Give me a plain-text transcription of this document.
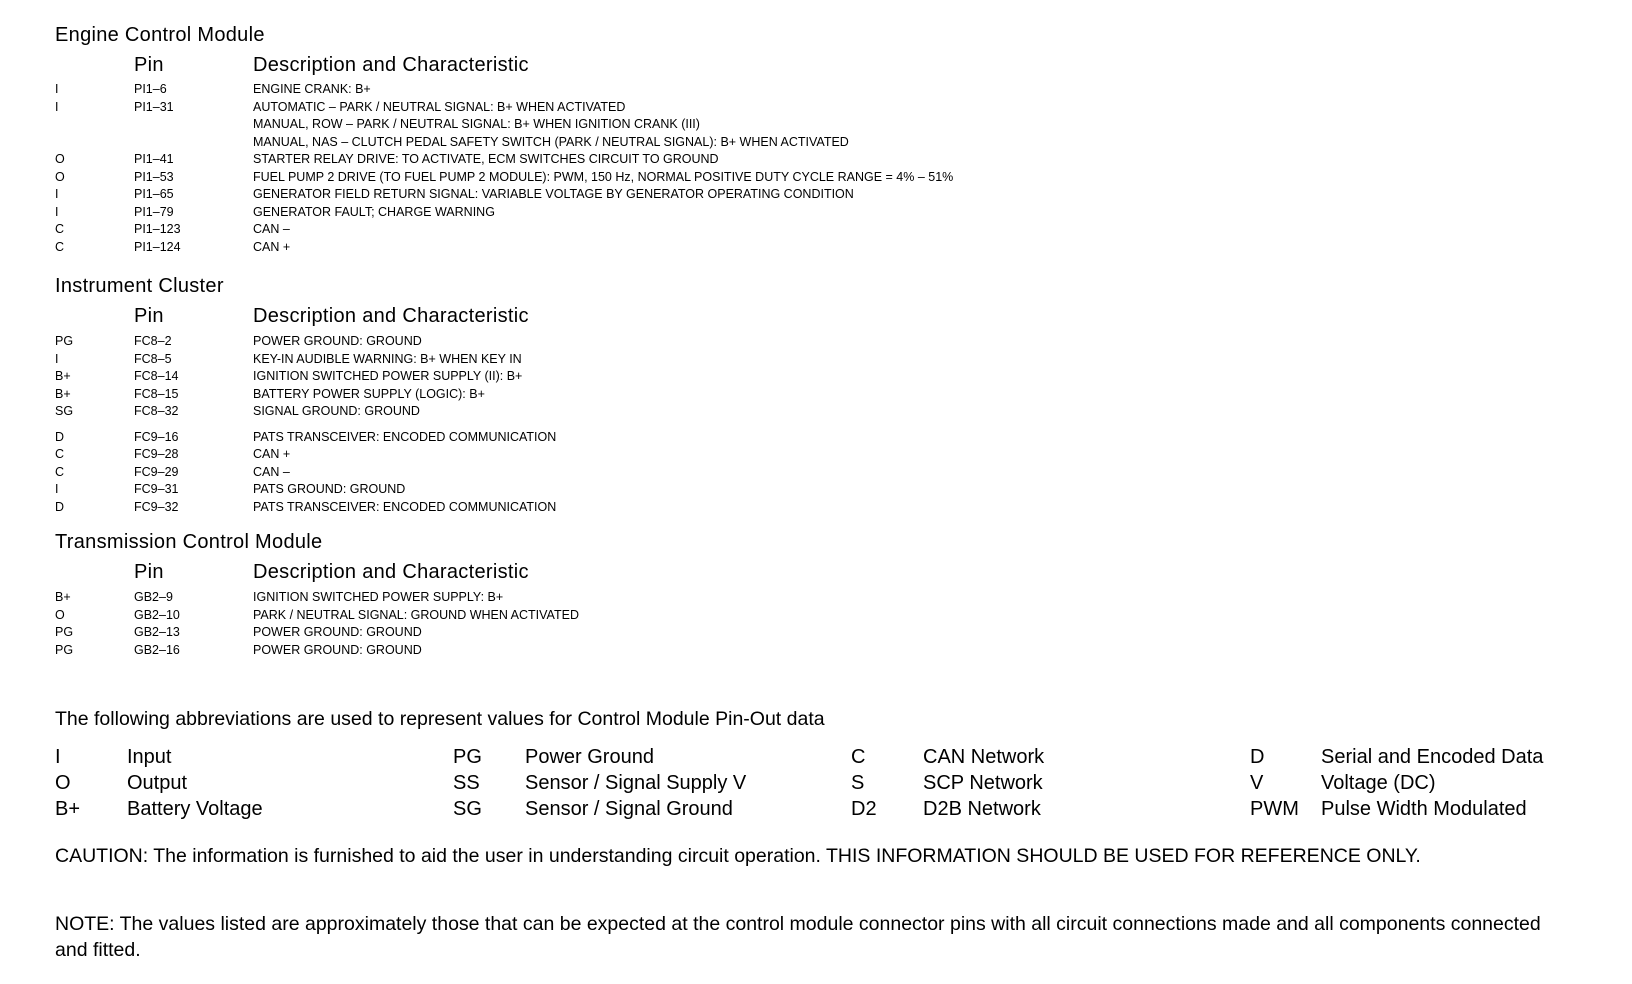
Engine Control Module
Pin	Description and Characteristic
I	PI1–6	ENGINE CRANK: B+
I	PI1–31	AUTOMATIC – PARK / NEUTRAL SIGNAL: B+ WHEN ACTIVATED
MANUAL, ROW – PARK / NEUTRAL SIGNAL: B+ WHEN IGNITION CRANK (III)
MANUAL, NAS – CLUTCH PEDAL SAFETY SWITCH (PARK / NEUTRAL SIGNAL): B+ WHEN ACTIVATED
O	PI1–41	STARTER RELAY DRIVE: TO ACTIVATE, ECM SWITCHES CIRCUIT TO GROUND
O	PI1–53	FUEL PUMP 2 DRIVE (TO FUEL PUMP 2 MODULE): PWM, 150 Hz, NORMAL POSITIVE DUTY CYCLE RANGE = 4% – 51%
I	PI1–65	GENERATOR FIELD RETURN SIGNAL: VARIABLE VOLTAGE BY GENERATOR OPERATING CONDITION
I	PI1–79	GENERATOR FAULT; CHARGE WARNING
C	PI1–123	CAN –
C	PI1–124	CAN +
Instrument Cluster
Pin	Description and Characteristic
PG	FC8–2	POWER GROUND: GROUND
I	FC8–5	KEY-IN AUDIBLE WARNING: B+ WHEN KEY IN
B+	FC8–14	IGNITION SWITCHED POWER SUPPLY (II): B+
B+	FC8–15	BATTERY POWER SUPPLY (LOGIC): B+
SG	FC8–32	SIGNAL GROUND: GROUND
D	FC9–16	PATS TRANSCEIVER: ENCODED COMMUNICATION
C	FC9–28	CAN +
C	FC9–29	CAN –
I	FC9–31	PATS GROUND: GROUND
D	FC9–32	PATS TRANSCEIVER: ENCODED COMMUNICATION
Transmission Control Module
Pin	Description and Characteristic
B+	GB2–9	IGNITION SWITCHED POWER SUPPLY: B+
O	GB2–10	PARK / NEUTRAL SIGNAL: GROUND WHEN ACTIVATED
PG	GB2–13	POWER GROUND: GROUND
PG	GB2–16	POWER GROUND: GROUND
The following abbreviations are used to represent values for Control Module Pin-Out data
I	Input	PG Power Ground	C	CAN Network	D	Serial and Encoded Data
O	Output	SS Sensor / Signal Supply V	S	SCP Network	V	Voltage (DC)
B+ Battery Voltage	SG Sensor / Signal Ground	D2 D2B Network	PWM Pulse Width Modulated
CAUTION: The information is furnished to aid the user in understanding circuit operation. THIS INFORMATION SHOULD BE USED FOR REFERENCE ONLY.
NOTE: The values listed are approximately those that can be expected at the control module connector pins with all circuit connections made and all components connected and fitted.
